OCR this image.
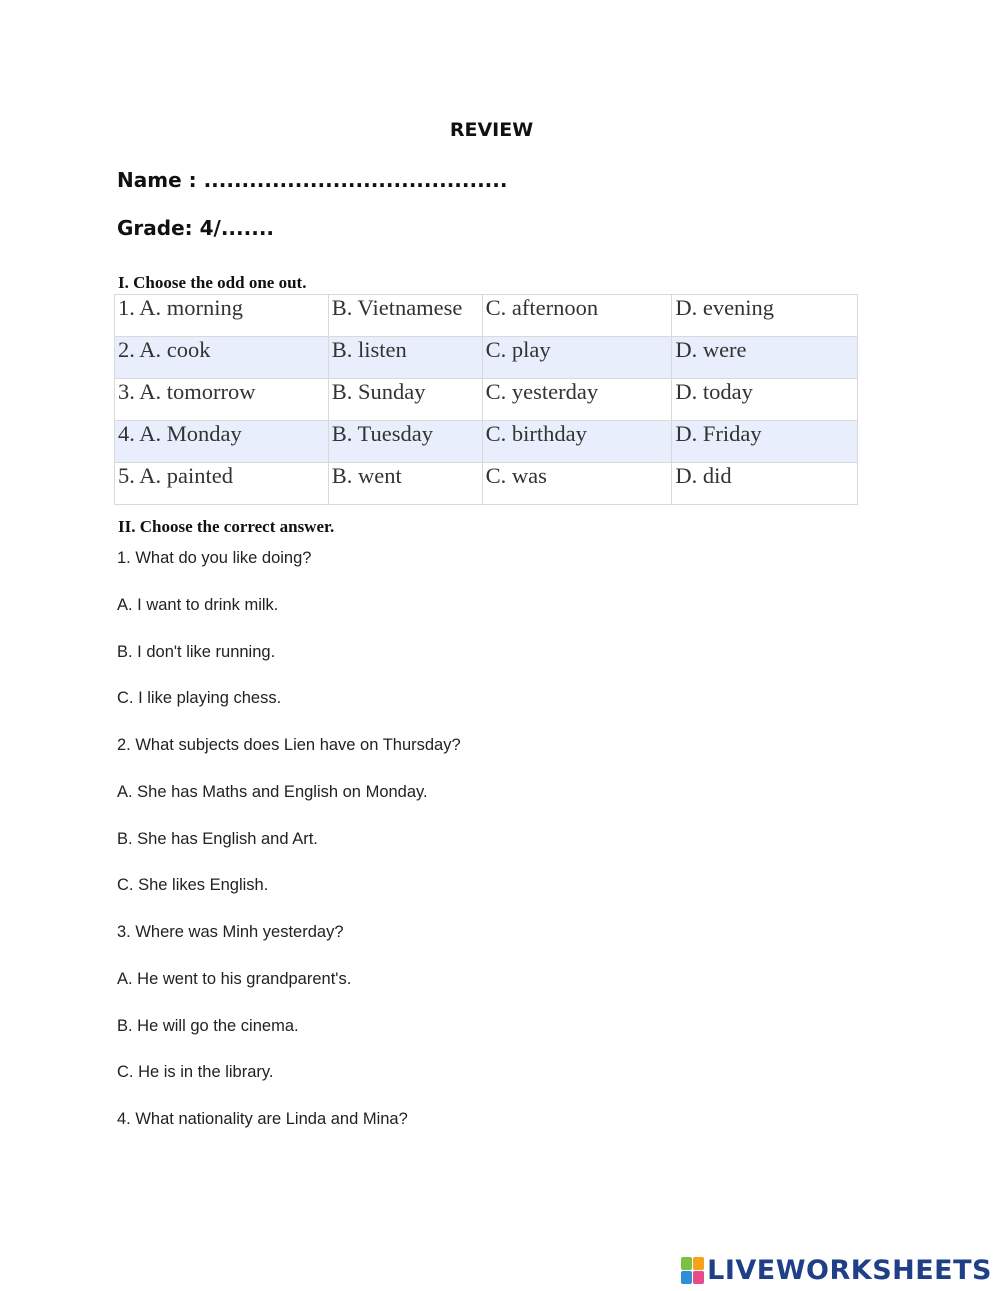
REVIEW
Name : ........................................
Grade: 4/.......
I. Choose the odd one out.
1. A. morning	B. Vietnamese	C. afternoon	D. evening
2. A. cook	B. listen	C. play	D. were
3. A. tomorrow	B. Sunday	C. yesterday	D. today
4. A. Monday	B. Tuesday	C. birthday	D. Friday
5. A. painted	B. went	C. was	D. did
II. Choose the correct answer.
1. What do you like doing?
A. I want to drink milk.
B. I don't like running.
C. I like playing chess.
2. What subjects does Lien have on Thursday?
A. She has Maths and English on Monday.
B. She has English and Art.
C. She likes English.
3. Where was Minh yesterday?
A. He went to his grandparent's.
B. He will go the cinema.
C. He is in the library.
4. What nationality are Linda and Mina?
LIVEWORKSHEETS
